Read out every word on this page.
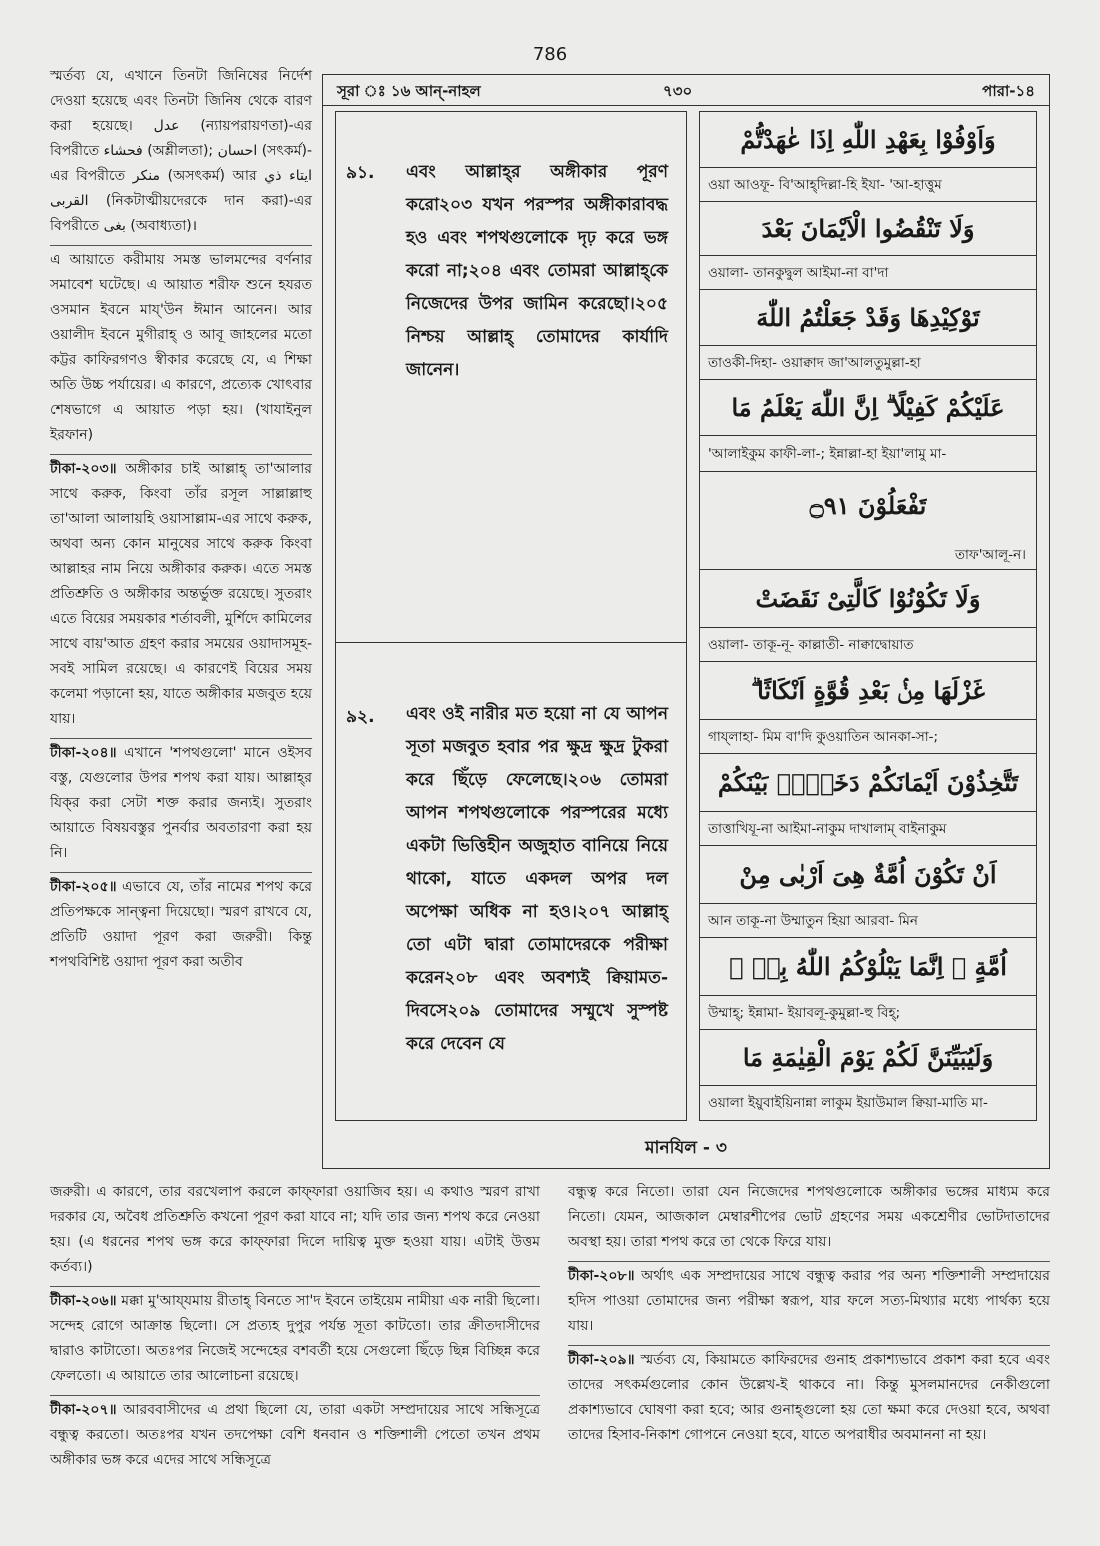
786

স্মর্তব্য যে, এখানে তিনটা জিনিষের নির্দেশ দেওয়া হয়েছে এবং তিনটা জিনিষ থেকে বারণ করা হয়েছে। عدل (ন্যায়পরায়ণতা)-এর বিপরীতে فحشاء (অশ্লীলতা); احسان (সৎকর্ম)-এর বিপরীতে منكر (অসৎকর্ম) আর ايتاء ذي القربى (নিকটাত্মীয়দেরকে দান করা)-এর বিপরীতে بغى (অবাধ্যতা)।

এ আয়াতে করীমায় সমস্ত ভালমন্দের বর্ণনার সমাবেশ ঘটেছে। এ আয়াত শরীফ শুনে হযরত ওসমান ইবনে মায্‌'উন ঈমান আনেন। আর ওয়ালীদ ইবনে মুগীরাহ্‌ ও আবূ জাহলের মতো কট্টর কাফিরগণও স্বীকার করেছে যে, এ শিক্ষা অতি উচ্চ পর্যায়ের। এ কারণে, প্রত্যেক খোৎবার শেষভাগে এ আয়াত পড়া হয়। (খাযাইনুল ইরফান)

টীকা-২০৩॥ অঙ্গীকার চাই আল্লাহ্‌ তা'আলার সাথে করুক, কিংবা তাঁর রসূল সাল্লাল্লাহু তা'আলা আলায়হি ওয়াসাল্লাম-এর সাথে করুক, অথবা অন্য কোন মানুষের সাথে করুক কিংবা আল্লাহর নাম নিয়ে অঙ্গীকার করুক। এতে সমস্ত প্রতিশ্রুতি ও অঙ্গীকার অন্তর্ভুক্ত রয়েছে। সুতরাং এতে বিয়ের সময়কার শর্তাবলী, মুর্শিদে কামিলের সাথে বায়'আত গ্রহণ করার সময়ের ওয়াদাসমূহ- সবই সামিল রয়েছে। এ কারণেই বিয়ের সময় কলেমা পড়ানো হয়, যাতে অঙ্গীকার মজবুত হয়ে যায়।

টীকা-২০৪॥ এখানে 'শপথগুলো' মানে ওইসব বস্তু, যেগুলোর উপর শপথ করা যায়। আল্লাহ্‌র যিক্‌র করা সেটা শক্ত করার জন্যই। সুতরাং আয়াতে বিষয়বস্তুর পুনর্বার অবতারণা করা হয় নি।

টীকা-২০৫॥ এভাবে যে, তাঁর নামের শপথ করে প্রতিপক্ষকে সান্ত্বনা দিয়েছো। স্মরণ রাখবে যে, প্রতিটি ওয়াদা পূরণ করা জরুরী। কিন্তু শপথবিশিষ্ট ওয়াদা পূরণ করা অতীব

সূরা ঃ ১৬ আন্‌-নাহল	৭৩০	পারা-১৪
৯১. এবং আল্লাহ্‌র অঙ্গীকার পূরণ করো২০৩ যখন পরস্পর অঙ্গীকারাবদ্ধ হও এবং শপথগুলোকে দৃঢ় করে ভঙ্গ করো না;২০৪ এবং তোমরা আল্লাহ্‌কে নিজেদের উপর জামিন করেছো।২০৫ নিশ্চয় আল্লাহ্‌ তোমাদের কার্যাদি জানেন।
৯২. এবং ওই নারীর মত হয়ো না যে আপন সূতা মজবুত হবার পর ক্ষুদ্র ক্ষুদ্র টুকরা করে ছিঁড়ে ফেলেছে।২০৬ তোমরা আপন শপথগুলোকে পরস্পরের মধ্যে একটা ভিত্তিহীন অজুহাত বানিয়ে নিয়ে থাকো, যাতে একদল অপর দল অপেক্ষা অধিক না হও।২০৭ আল্লাহ্‌ তো এটা দ্বারা তোমাদেরকে পরীক্ষা করেন২০৮ এবং অবশ্যই ক্বিয়ামত-দিবসে২০৯ তোমাদের সম্মুখে সুস্পষ্ট করে দেবেন যে
وَاَوْفُوْا بِعَهْدِ اللّٰهِ اِذَا عٰهَدْتُّمْ
ওয়া আওফূ- বি'আহ্‌দিল্লা-হি ইযা- 'আ-হাত্তুম
وَلَا تَنْقُضُوا الْاَيْمَانَ بَعْدَ
ওয়ালা- তানকুদ্বুল আইমা-না বা'দা
تَوْكِيْدِهَا وَقَدْ جَعَلْتُمُ اللّٰهَ
তাওকী-দিহা- ওয়াক্বাদ জা'আলতুমুল্লা-হা
عَلَيْكُمْ كَفِيْلًا ۗ اِنَّ اللّٰهَ يَعْلَمُ مَا
'আলাইকুম কাফী-লা-; ইন্নাল্লা-হা ইয়া'লামু মা-
تَفْعَلُوْنَ ۝٩١
তাফ'আলূ-ন।
وَلَا تَكُوْنُوْا كَالَّتِىْ نَقَضَتْ
ওয়ালা- তাকূ-নূ- কাল্লাতী- নাক্বাদ্বোয়াত
غَزْلَهَا مِنْۢ بَعْدِ قُوَّةٍ اَنْكَاثًا ۗ
গায্‌লাহা- মিম বা'দি কু্ওয়াতিন আনকা-সা-;
تَتَّخِذُوْنَ اَيْمَانَكُمْ دَخَلًاۢ بَيْنَكُمْ
তাত্তাখিযূ-না আইমা-নাকুম দাখালাম্‌ বাইনাকুম
اَنْ تَكُوْنَ اُمَّةٌ هِىَ اَرْبٰى مِنْ
আন তাকূ-না উম্মাতুন হিয়া আরবা- মিন
اُمَّةٍ ۗ اِنَّمَا يَبْلُوْكُمُ اللّٰهُ بِهٖ ۗ
উম্মাহ্‌; ইন্নামা- ইয়াবলূ-কুমুল্লা-হু বিহ্‌;
وَلَيُبَيِّنَنَّ لَكُمْ يَوْمَ الْقِيٰمَةِ مَا
ওয়ালা ইয়ুবাইয়িনান্না লাকুম ইয়াউমাল ক্বিয়া-মাতি মা-
মানযিল - ৩

জরুরী। এ কারণে, তার বরখেলাপ করলে কাফ্‌ফারা ওয়াজিব হয়। এ কথাও স্মরণ রাখা দরকার যে, অবৈধ প্রতিশ্রুতি কখনো পূরণ করা যাবে না; যদি তার জন্য শপথ করে নেওয়া হয়। (এ ধরনের শপথ ভঙ্গ করে কাফ্‌ফারা দিলে দায়িত্ব মুক্ত হওয়া যায়। এটাই উত্তম কর্তব্য।)

টীকা-২০৬॥ মক্কা মু'আয্‌যমায় রীতাহ্‌ বিনতে সা'দ ইবনে তাইয়েম নামীয়া এক নারী ছিলো। সন্দেহ রোগে আক্রান্ত ছিলো। সে প্রত্যহ দুপুর পর্যন্ত সূতা কাটতো। তার ক্রীতদাসীদের দ্বারাও কাটাতো। অতঃপর নিজেই সন্দেহের বশবর্তী হয়ে সেগুলো ছিঁড়ে ছিন্ন বিচ্ছিন্ন করে ফেলতো। এ আয়াতে তার আলোচনা রয়েছে।

টীকা-২০৭॥ আরববাসীদের এ প্রথা ছিলো যে, তারা একটা সম্প্রদায়ের সাথে সন্ধিসূত্রে বন্ধুত্ব করতো। অতঃপর যখন তদপেক্ষা বেশি ধনবান ও শক্তিশালী পেতো তখন প্রথম অঙ্গীকার ভঙ্গ করে এদের সাথে সন্ধিসূত্রে

বন্ধুত্ব করে নিতো। তারা যেন নিজেদের শপথগুলোকে অঙ্গীকার ভঙ্গের মাধ্যম করে নিতো। যেমন, আজকাল মেম্বারশীপের ভোট গ্রহণের সময় একশ্রেণীর ভোটদাতাদের অবস্থা হয়। তারা শপথ করে তা থেকে ফিরে যায়।

টীকা-২০৮॥ অর্থাৎ এক সম্প্রদায়ের সাথে বন্ধুত্ব করার পর অন্য শক্তিশালী সম্প্রদায়ের হদিস পাওয়া তোমাদের জন্য পরীক্ষা স্বরূপ, যার ফলে সত্য-মিথ্যার মধ্যে পার্থক্য হয়ে যায়।

টীকা-২০৯॥ স্মর্তব্য যে, কিয়ামতে কাফিরদের গুনাহ প্রকাশ্যভাবে প্রকাশ করা হবে এবং তাদের সৎকর্মগুলোর কোন উল্লেখ-ই থাকবে না। কিন্তু মুসলমানদের নেকীগুলো প্রকাশ্যভাবে ঘোষণা করা হবে; আর গুনাহ্‌গুলো হয় তো ক্ষমা করে দেওয়া হবে, অথবা তাদের হিসাব-নিকাশ গোপনে নেওয়া হবে, যাতে অপরাধীর অবমাননা না হয়।
